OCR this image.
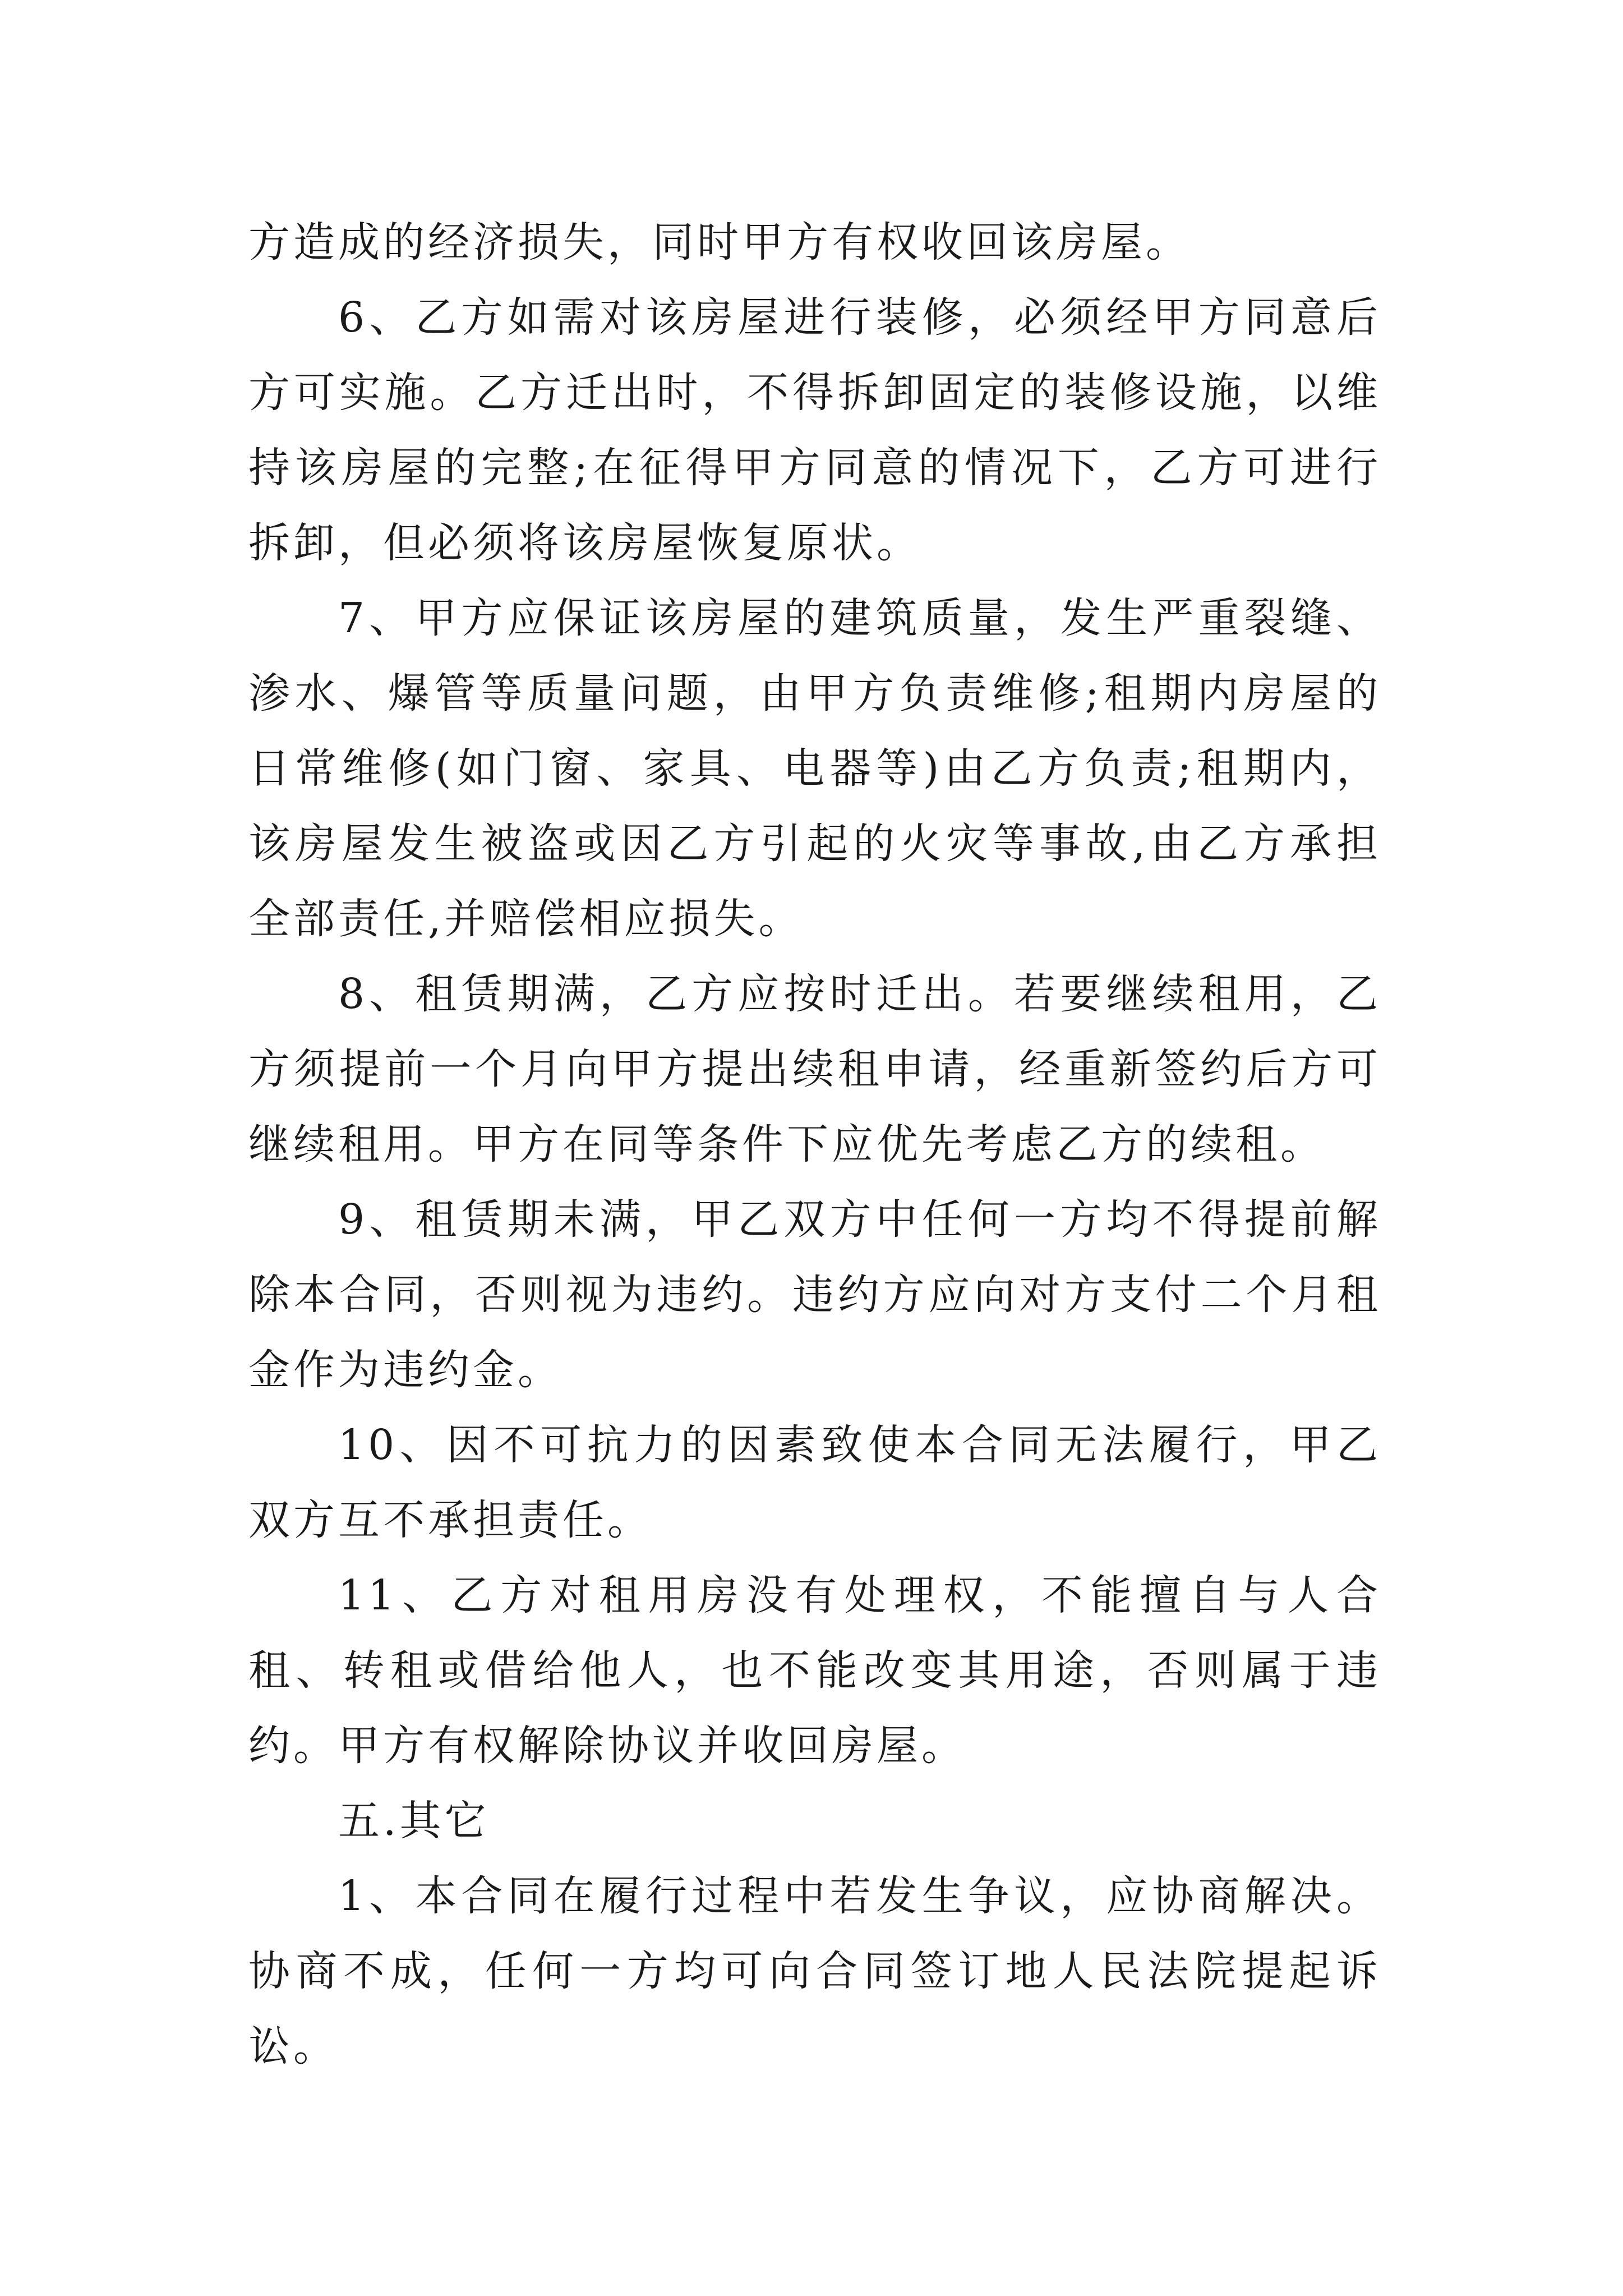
方造成的经济损失，同时甲方有权收回该房屋。

6、乙方如需对该房屋进行装修，必须经甲方同意后方可实施。乙方迁出时，不得拆卸固定的装修设施，以维持该房屋的完整;在征得甲方同意的情况下，乙方可进行拆卸，但必须将该房屋恢复原状。

7、甲方应保证该房屋的建筑质量，发生严重裂缝、渗水、爆管等质量问题，由甲方负责维修;租期内房屋的日常维修(如门窗、家具、电器等)由乙方负责;租期内，该房屋发生被盗或因乙方引起的火灾等事故,由乙方承担全部责任,并赔偿相应损失。

8、租赁期满，乙方应按时迁出。若要继续租用，乙方须提前一个月向甲方提出续租申请，经重新签约后方可继续租用。甲方在同等条件下应优先考虑乙方的续租。

9、租赁期未满，甲乙双方中任何一方均不得提前解除本合同，否则视为违约。违约方应向对方支付二个月租金作为违约金。

10、因不可抗力的因素致使本合同无法履行，甲乙双方互不承担责任。

11、乙方对租用房没有处理权，不能擅自与人合租、转租或借给他人，也不能改变其用途，否则属于违约。甲方有权解除协议并收回房屋。

五.其它

1、本合同在履行过程中若发生争议，应协商解决。协商不成，任何一方均可向合同签订地人民法院提起诉讼。
